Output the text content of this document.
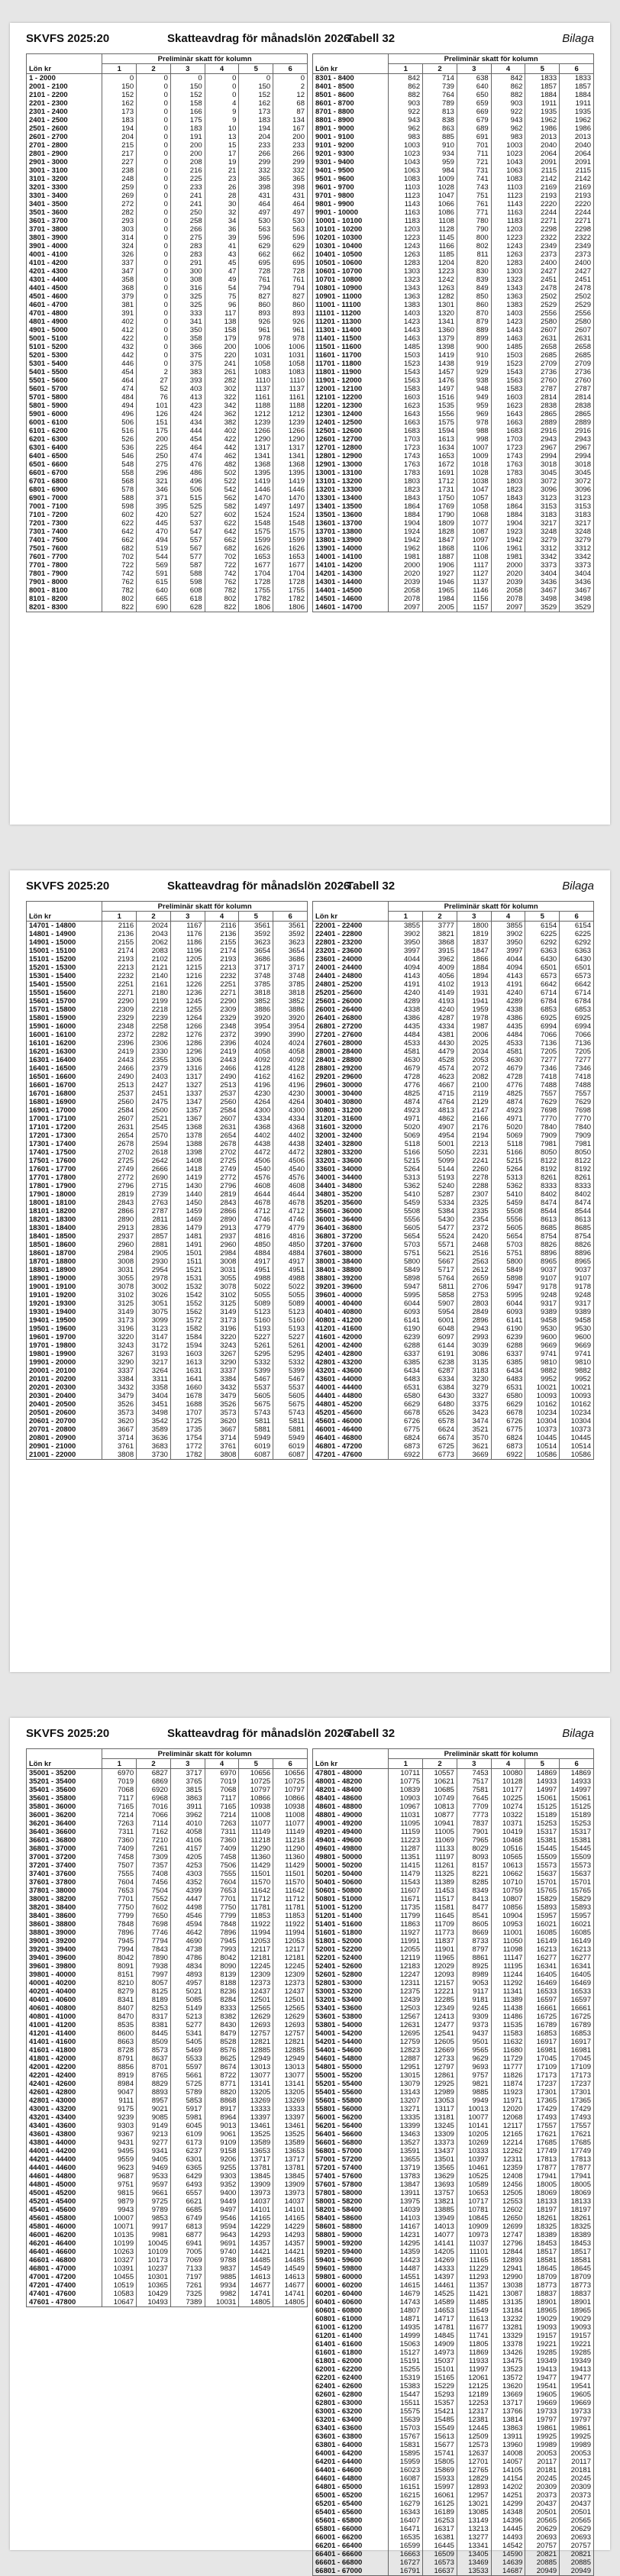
SKVFS 2025:20	Skatteavdrag för månadslön 2026
Tabell 32	Bilaga
Lön kr	Preliminär skatt för kolumn					
	1	2	3	4	5	6
1 - 2000	0	0	0	0	0	0
2001 - 2100	150	0	150	0	150	2
2101 - 2200	152	0	152	0	152	12
2201 - 2300	162	0	158	4	162	68
2301 - 2400	173	0	166	9	173	87
2401 - 2500	183	0	175	9	183	134
2501 - 2600	194	0	183	10	194	167
2601 - 2700	204	0	191	13	204	200
2701 - 2800	215	0	200	15	233	233
2801 - 2900	217	0	200	17	266	266
2901 - 3000	227	0	208	19	299	299
3001 - 3100	238	0	216	21	332	332
3101 - 3200	248	0	225	23	365	365
3201 - 3300	259	0	233	26	398	398
3301 - 3400	269	0	241	28	431	431
3401 - 3500	272	0	241	30	464	464
3501 - 3600	282	0	250	32	497	497
3601 - 3700	293	0	258	34	530	530
3701 - 3800	303	0	266	36	563	563
3801 - 3900	314	0	275	39	596	596
3901 - 4000	324	0	283	41	629	629
4001 - 4100	326	0	283	43	662	662
4101 - 4200	337	0	291	45	695	695
4201 - 4300	347	0	300	47	728	728
4301 - 4400	358	0	308	49	761	761
4401 - 4500	368	0	316	54	794	794
4501 - 4600	379	0	325	75	827	827
4601 - 4700	381	0	325	96	860	860
4701 - 4800	391	0	333	117	893	893
4801 - 4900	402	0	341	138	926	926
4901 - 5000	412	0	350	158	961	961
5001 - 5100	422	0	358	179	978	978
5101 - 5200	432	0	366	200	1006	1006
5201 - 5300	442	0	375	220	1031	1031
5301 - 5400	446	0	375	241	1058	1058
5401 - 5500	454	2	383	261	1083	1083
5501 - 5600	464	27	393	282	1110	1110
5601 - 5700	474	52	403	302	1137	1137
5701 - 5800	484	76	413	322	1161	1161
5801 - 5900	494	101	423	342	1188	1188
5901 - 6000	496	126	424	362	1212	1212
6001 - 6100	506	151	434	382	1239	1239
6101 - 6200	516	175	444	402	1266	1266
6201 - 6300	526	200	454	422	1290	1290
6301 - 6400	536	225	464	442	1317	1317
6401 - 6500	546	250	474	462	1341	1341
6501 - 6600	548	275	476	482	1368	1368
6601 - 6700	558	296	486	502	1395	1395
6701 - 6800	568	321	496	522	1419	1419
6801 - 6900	578	346	506	542	1446	1446
6901 - 7000	588	371	515	562	1470	1470
7001 - 7100	598	395	525	582	1497	1497
7101 - 7200	602	420	527	602	1524	1524
7201 - 7300	622	445	537	622	1548	1548
7301 - 7400	642	470	547	642	1575	1575
7401 - 7500	662	494	557	662	1599	1599
7501 - 7600	682	519	567	682	1626	1626
7601 - 7700	702	544	577	702	1653	1653
7701 - 7800	722	569	587	722	1677	1677
7801 - 7900	742	591	588	742	1704	1704
7901 - 8000	762	615	598	762	1728	1728
8001 - 8100	782	640	608	782	1755	1755
8101 - 8200	802	665	618	802	1782	1782
8201 - 8300	822	690	628	822	1806	1806
Lön kr	Preliminär skatt för kolumn					
	1	2	3	4	5	6
8301 - 8400	842	714	638	842	1833	1833
8401 - 8500	862	739	640	862	1857	1857
8501 - 8600	882	764	650	882	1884	1884
8601 - 8700	903	789	659	903	1911	1911
8701 - 8800	922	813	669	922	1935	1935
8801 - 8900	943	838	679	943	1962	1962
8901 - 9000	962	863	689	962	1986	1986
9001 - 9100	983	885	691	983	2013	2013
9101 - 9200	1003	910	701	1003	2040	2040
9201 - 9300	1023	934	711	1023	2064	2064
9301 - 9400	1043	959	721	1043	2091	2091
9401 - 9500	1063	984	731	1063	2115	2115
9501 - 9600	1083	1009	741	1083	2142	2142
9601 - 9700	1103	1028	743	1103	2169	2169
9701 - 9800	1123	1047	751	1123	2193	2193
9801 - 9900	1143	1066	761	1143	2220	2220
9901 - 10000	1163	1086	771	1163	2244	2244
10001 - 10100	1183	1108	780	1183	2271	2271
10101 - 10200	1203	1128	790	1203	2298	2298
10201 - 10300	1223	1145	800	1223	2322	2322
10301 - 10400	1243	1166	802	1243	2349	2349
10401 - 10500	1263	1185	811	1263	2373	2373
10501 - 10600	1283	1204	820	1283	2400	2400
10601 - 10700	1303	1223	830	1303	2427	2427
10701 - 10800	1323	1242	839	1323	2451	2451
10801 - 10900	1343	1263	849	1343	2478	2478
10901 - 11000	1363	1282	850	1363	2502	2502
11001 - 11100	1383	1301	860	1383	2529	2529
11101 - 11200	1403	1320	870	1403	2556	2556
11201 - 11300	1423	1341	879	1423	2580	2580
11301 - 11400	1443	1360	889	1443	2607	2607
11401 - 11500	1463	1379	899	1463	2631	2631
11501 - 11600	1485	1398	900	1485	2658	2658
11601 - 11700	1503	1419	910	1503	2685	2685
11701 - 11800	1523	1438	919	1523	2709	2709
11801 - 11900	1543	1457	929	1543	2736	2736
11901 - 12000	1563	1476	938	1563	2760	2760
12001 - 12100	1583	1497	948	1583	2787	2787
12101 - 12200	1603	1516	949	1603	2814	2814
12201 - 12300	1623	1535	959	1623	2838	2838
12301 - 12400	1643	1556	969	1643	2865	2865
12401 - 12500	1663	1575	978	1663	2889	2889
12501 - 12600	1683	1594	988	1683	2916	2916
12601 - 12700	1703	1613	998	1703	2943	2943
12701 - 12800	1723	1634	1007	1723	2967	2967
12801 - 12900	1743	1653	1009	1743	2994	2994
12901 - 13000	1763	1672	1018	1763	3018	3018
13001 - 13100	1783	1691	1028	1783	3045	3045
13101 - 13200	1803	1712	1038	1803	3072	3072
13201 - 13300	1823	1731	1047	1823	3096	3096
13301 - 13400	1843	1750	1057	1843	3123	3123
13401 - 13500	1864	1769	1058	1864	3153	3153
13501 - 13600	1884	1790	1068	1884	3183	3183
13601 - 13700	1904	1809	1077	1904	3217	3217
13701 - 13800	1924	1828	1087	1923	3248	3248
13801 - 13900	1942	1847	1097	1942	3279	3279
13901 - 14000	1962	1868	1106	1961	3312	3312
14001 - 14100	1981	1887	1108	1981	3342	3342
14101 - 14200	2000	1906	1117	2000	3373	3373
14201 - 14300	2020	1927	1127	2020	3404	3404
14301 - 14400	2039	1946	1137	2039	3436	3436
14401 - 14500	2058	1965	1146	2058	3467	3467
14501 - 14600	2078	1984	1156	2078	3498	3498
14601 - 14700	2097	2005	1157	2097	3529	3529
SKVFS 2025:20	Skatteavdrag för månadslön 2026
Tabell 32	Bilaga
Lön kr	Preliminär skatt för kolumn					
	1	2	3	4	5	6
14701 - 14800	2116	2024	1167	2116	3561	3561
14801 - 14900	2136	2043	1176	2136	3592	3592
14901 - 15000	2155	2062	1186	2155	3623	3623
15001 - 15100	2174	2083	1196	2174	3654	3654
15101 - 15200	2193	2102	1205	2193	3686	3686
15201 - 15300	2213	2121	1215	2213	3717	3717
15301 - 15400	2232	2140	1216	2232	3748	3748
15401 - 15500	2251	2161	1226	2251	3785	3785
15501 - 15600	2271	2180	1236	2271	3818	3818
15601 - 15700	2290	2199	1245	2290	3852	3852
15701 - 15800	2309	2218	1255	2309	3886	3886
15801 - 15900	2329	2239	1264	2329	3920	3920
15901 - 16000	2348	2258	1266	2348	3954	3954
16001 - 16100	2372	2282	1276	2372	3990	3990
16101 - 16200	2396	2306	1286	2396	4024	4024
16201 - 16300	2419	2330	1296	2419	4058	4058
16301 - 16400	2443	2355	1306	2443	4092	4092
16401 - 16500	2466	2379	1316	2466	4128	4128
16501 - 16600	2490	2403	1317	2490	4162	4162
16601 - 16700	2513	2427	1327	2513	4196	4196
16701 - 16800	2537	2451	1337	2537	4230	4230
16801 - 16900	2560	2475	1347	2560	4264	4264
16901 - 17000	2584	2500	1357	2584	4300	4300
17001 - 17100	2607	2521	1367	2607	4334	4334
17101 - 17200	2631	2545	1368	2631	4368	4368
17201 - 17300	2654	2570	1378	2654	4402	4402
17301 - 17400	2678	2594	1388	2678	4438	4438
17401 - 17500	2702	2618	1398	2702	4472	4472
17501 - 17600	2725	2642	1408	2725	4506	4506
17601 - 17700	2749	2666	1418	2749	4540	4540
17701 - 17800	2772	2690	1419	2772	4576	4576
17801 - 17900	2796	2715	1430	2796	4608	4608
17901 - 18000	2819	2739	1440	2819	4644	4644
18001 - 18100	2843	2763	1450	2843	4678	4678
18101 - 18200	2866	2787	1459	2866	4712	4712
18201 - 18300	2890	2811	1469	2890	4746	4746
18301 - 18400	2913	2836	1479	2913	4779	4779
18401 - 18500	2937	2857	1481	2937	4816	4816
18501 - 18600	2960	2881	1491	2960	4850	4850
18601 - 18700	2984	2905	1501	2984	4884	4884
18701 - 18800	3008	2930	1511	3008	4917	4917
18801 - 18900	3031	2954	1521	3031	4951	4951
18901 - 19000	3055	2978	1531	3055	4988	4988
19001 - 19100	3078	3002	1532	3078	5022	5022
19101 - 19200	3102	3026	1542	3102	5055	5055
19201 - 19300	3125	3051	1552	3125	5089	5089
19301 - 19400	3149	3075	1562	3149	5123	5123
19401 - 19500	3173	3099	1572	3173	5160	5160
19501 - 19600	3196	3123	1582	3196	5193	5193
19601 - 19700	3220	3147	1584	3220	5227	5227
19701 - 19800	3243	3172	1594	3243	5261	5261
19801 - 19900	3267	3193	1603	3267	5295	5295
19901 - 20000	3290	3217	1613	3290	5332	5332
20001 - 20100	3337	3264	1631	3337	5399	5399
20101 - 20200	3384	3311	1641	3384	5467	5467
20201 - 20300	3432	3358	1660	3432	5537	5537
20301 - 20400	3479	3404	1678	3479	5605	5605
20401 - 20500	3526	3451	1688	3526	5675	5675
20501 - 20600	3573	3498	1707	3573	5743	5743
20601 - 20700	3620	3542	1725	3620	5811	5811
20701 - 20800	3667	3589	1735	3667	5881	5881
20801 - 20900	3714	3636	1754	3714	5949	5949
20901 - 21000	3761	3683	1772	3761	6019	6019
21001 - 22000	3808	3730	1782	3808	6087	6087
Lön kr	Preliminär skatt för kolumn					
	1	2	3	4	5	6
22001 - 22400	3855	3777	1800	3855	6154	6154
22401 - 22800	3902	3821	1819	3902	6225	6225
22801 - 23200	3950	3868	1837	3950	6292	6292
23201 - 23600	3997	3915	1847	3997	6363	6363
23601 - 24000	4044	3962	1866	4044	6430	6430
24001 - 24400	4094	4009	1884	4094	6501	6501
24401 - 24800	4143	4056	1894	4143	6573	6573
24801 - 25200	4191	4102	1913	4191	6642	6642
25201 - 25600	4240	4149	1931	4240	6714	6714
25601 - 26000	4289	4193	1941	4289	6784	6784
26001 - 26400	4338	4240	1959	4338	6853	6853
26401 - 26800	4386	4287	1978	4386	6925	6925
26801 - 27200	4435	4334	1987	4435	6994	6994
27201 - 27600	4484	4381	2006	4484	7066	7066
27601 - 28000	4533	4430	2025	4533	7136	7136
28001 - 28400	4581	4479	2034	4581	7205	7205
28401 - 28800	4630	4528	2053	4630	7277	7277
28801 - 29200	4679	4574	2072	4679	7346	7346
29201 - 29600	4728	4623	2082	4728	7418	7418
29601 - 30000	4776	4667	2100	4776	7488	7488
30001 - 30400	4825	4715	2119	4825	7557	7557
30401 - 30800	4874	4764	2129	4874	7629	7629
30801 - 31200	4923	4813	2147	4923	7698	7698
31201 - 31600	4971	4862	2166	4971	7770	7770
31601 - 32000	5020	4907	2176	5020	7840	7840
32001 - 32400	5069	4954	2194	5069	7909	7909
32401 - 32800	5118	5001	2213	5118	7981	7981
32801 - 33200	5166	5050	2231	5166	8050	8050
33201 - 33600	5215	5099	2241	5215	8122	8122
33601 - 34000	5264	5144	2260	5264	8192	8192
34001 - 34400	5313	5193	2278	5313	8261	8261
34401 - 34800	5362	5240	2288	5362	8333	8333
34801 - 35200	5410	5287	2307	5410	8402	8402
35201 - 35600	5459	5334	2325	5459	8474	8474
35601 - 36000	5508	5384	2335	5508	8544	8544
36001 - 36400	5556	5430	2354	5556	8613	8613
36401 - 36800	5605	5477	2372	5605	8685	8685
36801 - 37200	5654	5524	2420	5654	8754	8754
37201 - 37600	5703	5571	2468	5703	8826	8826
37601 - 38000	5751	5621	2516	5751	8896	8896
38001 - 38400	5800	5667	2563	5800	8965	8965
38401 - 38800	5849	5717	2612	5849	9037	9037
38801 - 39200	5898	5764	2659	5898	9107	9107
39201 - 39600	5947	5811	2706	5947	9178	9178
39601 - 40000	5995	5858	2753	5995	9248	9248
40001 - 40400	6044	5907	2803	6044	9317	9317
40401 - 40800	6093	5954	2849	6093	9389	9389
40801 - 41200	6141	6001	2896	6141	9458	9458
41201 - 41600	6190	6048	2943	6190	9530	9530
41601 - 42000	6239	6097	2993	6239	9600	9600
42001 - 42400	6288	6144	3039	6288	9669	9669
42401 - 42800	6337	6191	3086	6337	9741	9741
42801 - 43200	6385	6238	3135	6385	9810	9810
43201 - 43600	6434	6287	3183	6434	9882	9882
43601 - 44000	6483	6334	3230	6483	9952	9952
44001 - 44400	6531	6384	3279	6531	10021	10021
44401 - 44800	6580	6430	3327	6580	10093	10093
44801 - 45200	6629	6480	3375	6629	10162	10162
45201 - 45600	6678	6526	3423	6678	10234	10234
45601 - 46000	6726	6578	3474	6726	10304	10304
46001 - 46400	6775	6624	3521	6775	10373	10373
46401 - 46800	6824	6674	3570	6824	10445	10445
46801 - 47200	6873	6725	3621	6873	10514	10514
47201 - 47600	6922	6773	3669	6922	10586	10586
SKVFS 2025:20	Skatteavdrag för månadslön 2026
Tabell 32	Bilaga
Lön kr	Preliminär skatt för kolumn					
	1	2	3	4	5	6
35001 - 35200	6970	6827	3717	6970	10656	10656
35201 - 35400	7019	6869	3765	7019	10725	10725
35401 - 35600	7068	6920	3815	7068	10797	10797
35601 - 35800	7117	6968	3863	7117	10866	10866
35801 - 36000	7165	7016	3911	7165	10938	10938
36001 - 36200	7214	7066	3962	7214	11008	11008
36201 - 36400	7263	7114	4010	7263	11077	11077
36401 - 36600	7311	7162	4058	7311	11149	11149
36601 - 36800	7360	7210	4106	7360	11218	11218
36801 - 37000	7409	7261	4157	7409	11290	11290
37001 - 37200	7458	7309	4205	7458	11360	11360
37201 - 37400	7507	7357	4253	7506	11429	11429
37401 - 37600	7555	7408	4303	7555	11501	11501
37601 - 37800	7604	7456	4352	7604	11570	11570
37801 - 38000	7653	7504	4399	7653	11642	11642
38001 - 38200	7701	7552	4447	7701	11712	11712
38201 - 38400	7750	7602	4498	7750	11781	11781
38401 - 38600	7799	7650	4546	7799	11853	11853
38601 - 38800	7848	7698	4594	7848	11922	11922
38801 - 39000	7896	7746	4642	7896	11994	11994
39001 - 39200	7945	7794	4690	7945	12053	12053
39201 - 39400	7994	7843	4738	7993	12117	12117
39401 - 39600	8042	7890	4786	8042	12181	12181
39601 - 39800	8091	7938	4834	8090	12245	12245
39801 - 40000	8151	7997	4893	8139	12309	12309
40001 - 40200	8210	8057	4957	8188	12373	12373
40201 - 40400	8279	8125	5021	8236	12437	12437
40401 - 40600	8341	8189	5085	8284	12501	12501
40601 - 40800	8407	8253	5149	8333	12565	12565
40801 - 41000	8470	8317	5213	8382	12629	12629
41001 - 41200	8535	8381	5277	8430	12693	12693
41201 - 41400	8600	8445	5341	8479	12757	12757
41401 - 41600	8663	8509	5405	8528	12821	12821
41601 - 41800	8728	8573	5469	8576	12885	12885
41801 - 42000	8791	8637	5533	8625	12949	12949
42001 - 42200	8856	8701	5597	8674	13013	13013
42201 - 42400	8919	8765	5661	8722	13077	13077
42401 - 42600	8984	8829	5725	8771	13141	13141
42601 - 42800	9047	8893	5789	8820	13205	13205
42801 - 43000	9111	8957	5853	8868	13269	13269
43001 - 43200	9175	9021	5917	8917	13333	13333
43201 - 43400	9239	9085	5981	8964	13397	13397
43401 - 43600	9303	9149	6045	9013	13461	13461
43601 - 43800	9367	9213	6109	9061	13525	13525
43801 - 44000	9431	9277	6173	9109	13589	13589
44001 - 44200	9495	9341	6237	9158	13653	13653
44201 - 44400	9559	9405	6301	9206	13717	13717
44401 - 44600	9623	9469	6365	9255	13781	13781
44601 - 44800	9687	9533	6429	9303	13845	13845
44801 - 45000	9751	9597	6493	9352	13909	13909
45001 - 45200	9815	9661	6557	9400	13973	13973
45201 - 45400	9879	9725	6621	9449	14037	14037
45401 - 45600	9943	9789	6685	9497	14101	14101
45601 - 45800	10007	9853	6749	9546	14165	14165
45801 - 46000	10071	9917	6813	9594	14229	14229
46001 - 46200	10135	9981	6877	9643	14293	14293
46201 - 46400	10199	10045	6941	9691	14357	14357
46401 - 46600	10263	10109	7005	9740	14421	14421
46601 - 46800	10327	10173	7069	9788	14485	14485
46801 - 47000	10391	10237	7133	9837	14549	14549
47001 - 47200	10455	10301	7197	9885	14613	14613
47201 - 47400	10519	10365	7261	9934	14677	14677
47401 - 47600	10583	10429	7325	9982	14741	14741
47601 - 47800	10647	10493	7389	10031	14805	14805
Lön kr	Preliminär skatt för kolumn					
	1	2	3	4	5	6
47801 - 48000	10711	10557	7453	10080	14869	14869
48001 - 48200	10775	10621	7517	10128	14933	14933
48201 - 48400	10839	10685	7581	10177	14997	14997
48401 - 48600	10903	10749	7645	10225	15061	15061
48601 - 48800	10967	10813	7709	10274	15125	15125
48801 - 49000	11031	10877	7773	10322	15189	15189
49001 - 49200	11095	10941	7837	10371	15253	15253
49201 - 49400	11159	11005	7901	10419	15317	15317
49401 - 49600	11223	11069	7965	10468	15381	15381
49601 - 49800	11287	11133	8029	10516	15445	15445
49801 - 50000	11351	11197	8093	10565	15509	15509
50001 - 50200	11415	11261	8157	10613	15573	15573
50201 - 50400	11479	11325	8221	10662	15637	15637
50401 - 50600	11543	11389	8285	10710	15701	15701
50601 - 50800	11607	11453	8349	10759	15765	15765
50801 - 51000	11671	11517	8413	10807	15829	15829
51001 - 51200	11735	11581	8477	10856	15893	15893
51201 - 51400	11799	11645	8541	10904	15957	15957
51401 - 51600	11863	11709	8605	10953	16021	16021
51601 - 51800	11927	11773	8669	11001	16085	16085
51801 - 52000	11991	11837	8733	11050	16149	16149
52001 - 52200	12055	11901	8797	11098	16213	16213
52201 - 52400	12119	11965	8861	11147	16277	16277
52401 - 52600	12183	12029	8925	11195	16341	16341
52601 - 52800	12247	12093	8989	11244	16405	16405
52801 - 53000	12311	12157	9053	11292	16469	16469
53001 - 53200	12375	12221	9117	11341	16533	16533
53201 - 53400	12439	12285	9181	11389	16597	16597
53401 - 53600	12503	12349	9245	11438	16661	16661
53601 - 53800	12567	12413	9309	11486	16725	16725
53801 - 54000	12631	12477	9373	11535	16789	16789
54001 - 54200	12695	12541	9437	11583	16853	16853
54201 - 54400	12759	12605	9501	11632	16917	16917
54401 - 54600	12823	12669	9565	11680	16981	16981
54601 - 54800	12887	12733	9629	11729	17045	17045
54801 - 55000	12951	12797	9693	11777	17109	17109
55001 - 55200	13015	12861	9757	11826	17173	17173
55201 - 55400	13079	12925	9821	11874	17237	17237
55401 - 55600	13143	12989	9885	11923	17301	17301
55601 - 55800	13207	13053	9949	11971	17365	17365
55801 - 56000	13271	13117	10013	12020	17429	17429
56001 - 56200	13335	13181	10077	12068	17493	17493
56201 - 56400	13399	13245	10141	12117	17557	17557
56401 - 56600	13463	13309	10205	12165	17621	17621
56601 - 56800	13527	13373	10269	12214	17685	17685
56801 - 57000	13591	13437	10333	12262	17749	17749
57001 - 57200	13655	13501	10397	12311	17813	17813
57201 - 57400	13719	13565	10461	12359	17877	17877
57401 - 57600	13783	13629	10525	12408	17941	17941
57601 - 57800	13847	13693	10589	12456	18005	18005
57801 - 58000	13911	13757	10653	12505	18069	18069
58001 - 58200	13975	13821	10717	12553	18133	18133
58201 - 58400	14039	13885	10781	12602	18197	18197
58401 - 58600	14103	13949	10845	12650	18261	18261
58601 - 58800	14167	14013	10909	12699	18325	18325
58801 - 59000	14231	14077	10973	12747	18389	18389
59001 - 59200	14295	14141	11037	12796	18453	18453
59201 - 59400	14359	14205	11101	12844	18517	18517
59401 - 59600	14423	14269	11165	12893	18581	18581
59601 - 59800	14487	14333	11229	12941	18645	18645
59801 - 60000	14551	14397	11293	12990	18709	18709
60001 - 60200	14615	14461	11357	13038	18773	18773
60201 - 60400	14679	14525	11421	13087	18837	18837
60401 - 60600	14743	14589	11485	13135	18901	18901
60601 - 60800	14807	14653	11549	13184	18965	18965
60801 - 61000	14871	14717	11613	13232	19029	19029
61001 - 61200	14935	14781	11677	13281	19093	19093
61201 - 61400	14999	14845	11741	13329	19157	19157
61401 - 61600	15063	14909	11805	13378	19221	19221
61601 - 61800	15127	14973	11869	13426	19285	19285
61801 - 62000	15191	15037	11933	13475	19349	19349
62001 - 62200	15255	15101	11997	13523	19413	19413
62201 - 62400	15319	15165	12061	13572	19477	19477
62401 - 62600	15383	15229	12125	13620	19541	19541
62601 - 62800	15447	15293	12189	13669	19605	19605
62801 - 63000	15511	15357	12253	13717	19669	19669
63001 - 63200	15575	15421	12317	13766	19733	19733
63201 - 63400	15639	15485	12381	13814	19797	19797
63401 - 63600	15703	15549	12445	13863	19861	19861
63601 - 63800	15767	15613	12509	13911	19925	19925
63801 - 64000	15831	15677	12573	13960	19989	19989
64001 - 64200	15895	15741	12637	14008	20053	20053
64201 - 64400	15959	15805	12701	14057	20117	20117
64401 - 64600	16023	15869	12765	14105	20181	20181
64601 - 64800	16087	15933	12829	14154	20245	20245
64801 - 65000	16151	15997	12893	14202	20309	20309
65001 - 65200	16215	16061	12957	14251	20373	20373
65201 - 65400	16279	16125	13021	14299	20437	20437
65401 - 65600	16343	16189	13085	14348	20501	20501
65601 - 65800	16407	16253	13149	14396	20565	20565
65801 - 66000	16471	16317	13213	14445	20629	20629
66001 - 66200	16535	16381	13277	14493	20693	20693
66201 - 66400	16599	16445	13341	14542	20757	20757
66401 - 66600	16663	16509	13405	14590	20821	20821
66601 - 66800	16727	16573	13469	14639	20885	20885
66801 - 67000	16791	16637	13533	14687	20949	20949
